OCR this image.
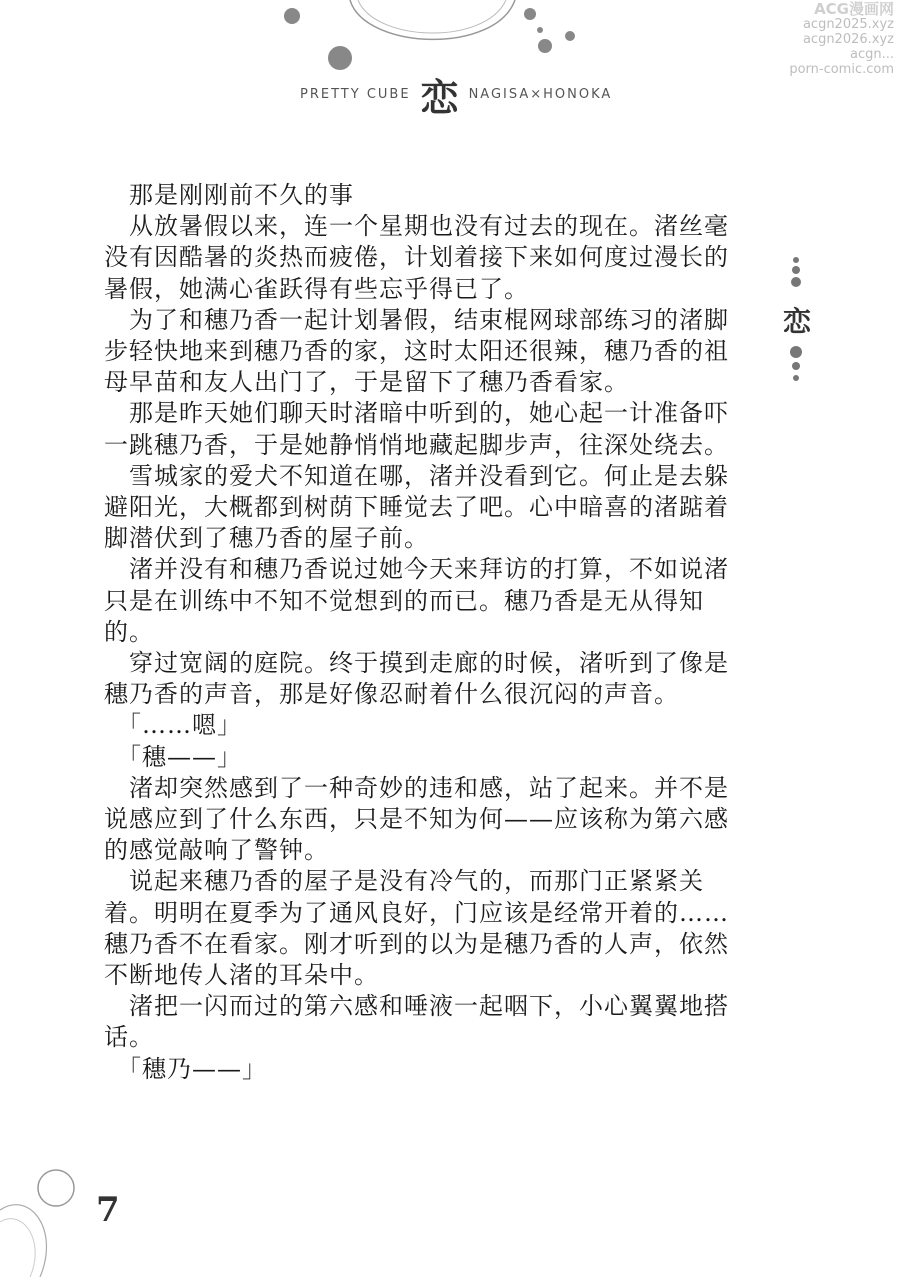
PRETTY CUBE 恋 NAGISA×HONOKA
ACG漫画网
acgn2025.xyz
acgn2026.xyz
acgn...
porn-comic.com
恋

　那是刚刚前不久的事

　从放暑假以来，连一个星期也没有过去的现在。渚丝毫没有因酷暑的炎热而疲倦，计划着接下来如何度过漫长的暑假，她满心雀跃得有些忘乎得已了。

　为了和穗乃香一起计划暑假，结束棍网球部练习的渚脚步轻快地来到穗乃香的家，这时太阳还很辣，穗乃香的祖母早苗和友人出门了，于是留下了穗乃香看家。

　那是昨天她们聊天时渚暗中听到的，她心起一计准备吓一跳穗乃香，于是她静悄悄地藏起脚步声，往深处绕去。

　雪城家的爱犬不知道在哪，渚并没看到它。何止是去躲避阳光，大概都到树荫下睡觉去了吧。心中暗喜的渚踮着脚潜伏到了穗乃香的屋子前。

　渚并没有和穗乃香说过她今天来拜访的打算，不如说渚只是在训练中不知不觉想到的而已。穗乃香是无从得知的。

　穿过宽阔的庭院。终于摸到走廊的时候，渚听到了像是穗乃香的声音，那是好像忍耐着什么很沉闷的声音。

　「……嗯」

　「穗——」

　渚却突然感到了一种奇妙的违和感，站了起来。并不是说感应到了什么东西，只是不知为何——应该称为第六感的感觉敲响了警钟。

　说起来穗乃香的屋子是没有冷气的，而那门正紧紧关着。明明在夏季为了通风良好，门应该是经常开着的……穗乃香不在看家。刚才听到的以为是穗乃香的人声，依然不断地传人渚的耳朵中。

　渚把一闪而过的第六感和唾液一起咽下，小心翼翼地搭话。

　「穗乃——」

7
